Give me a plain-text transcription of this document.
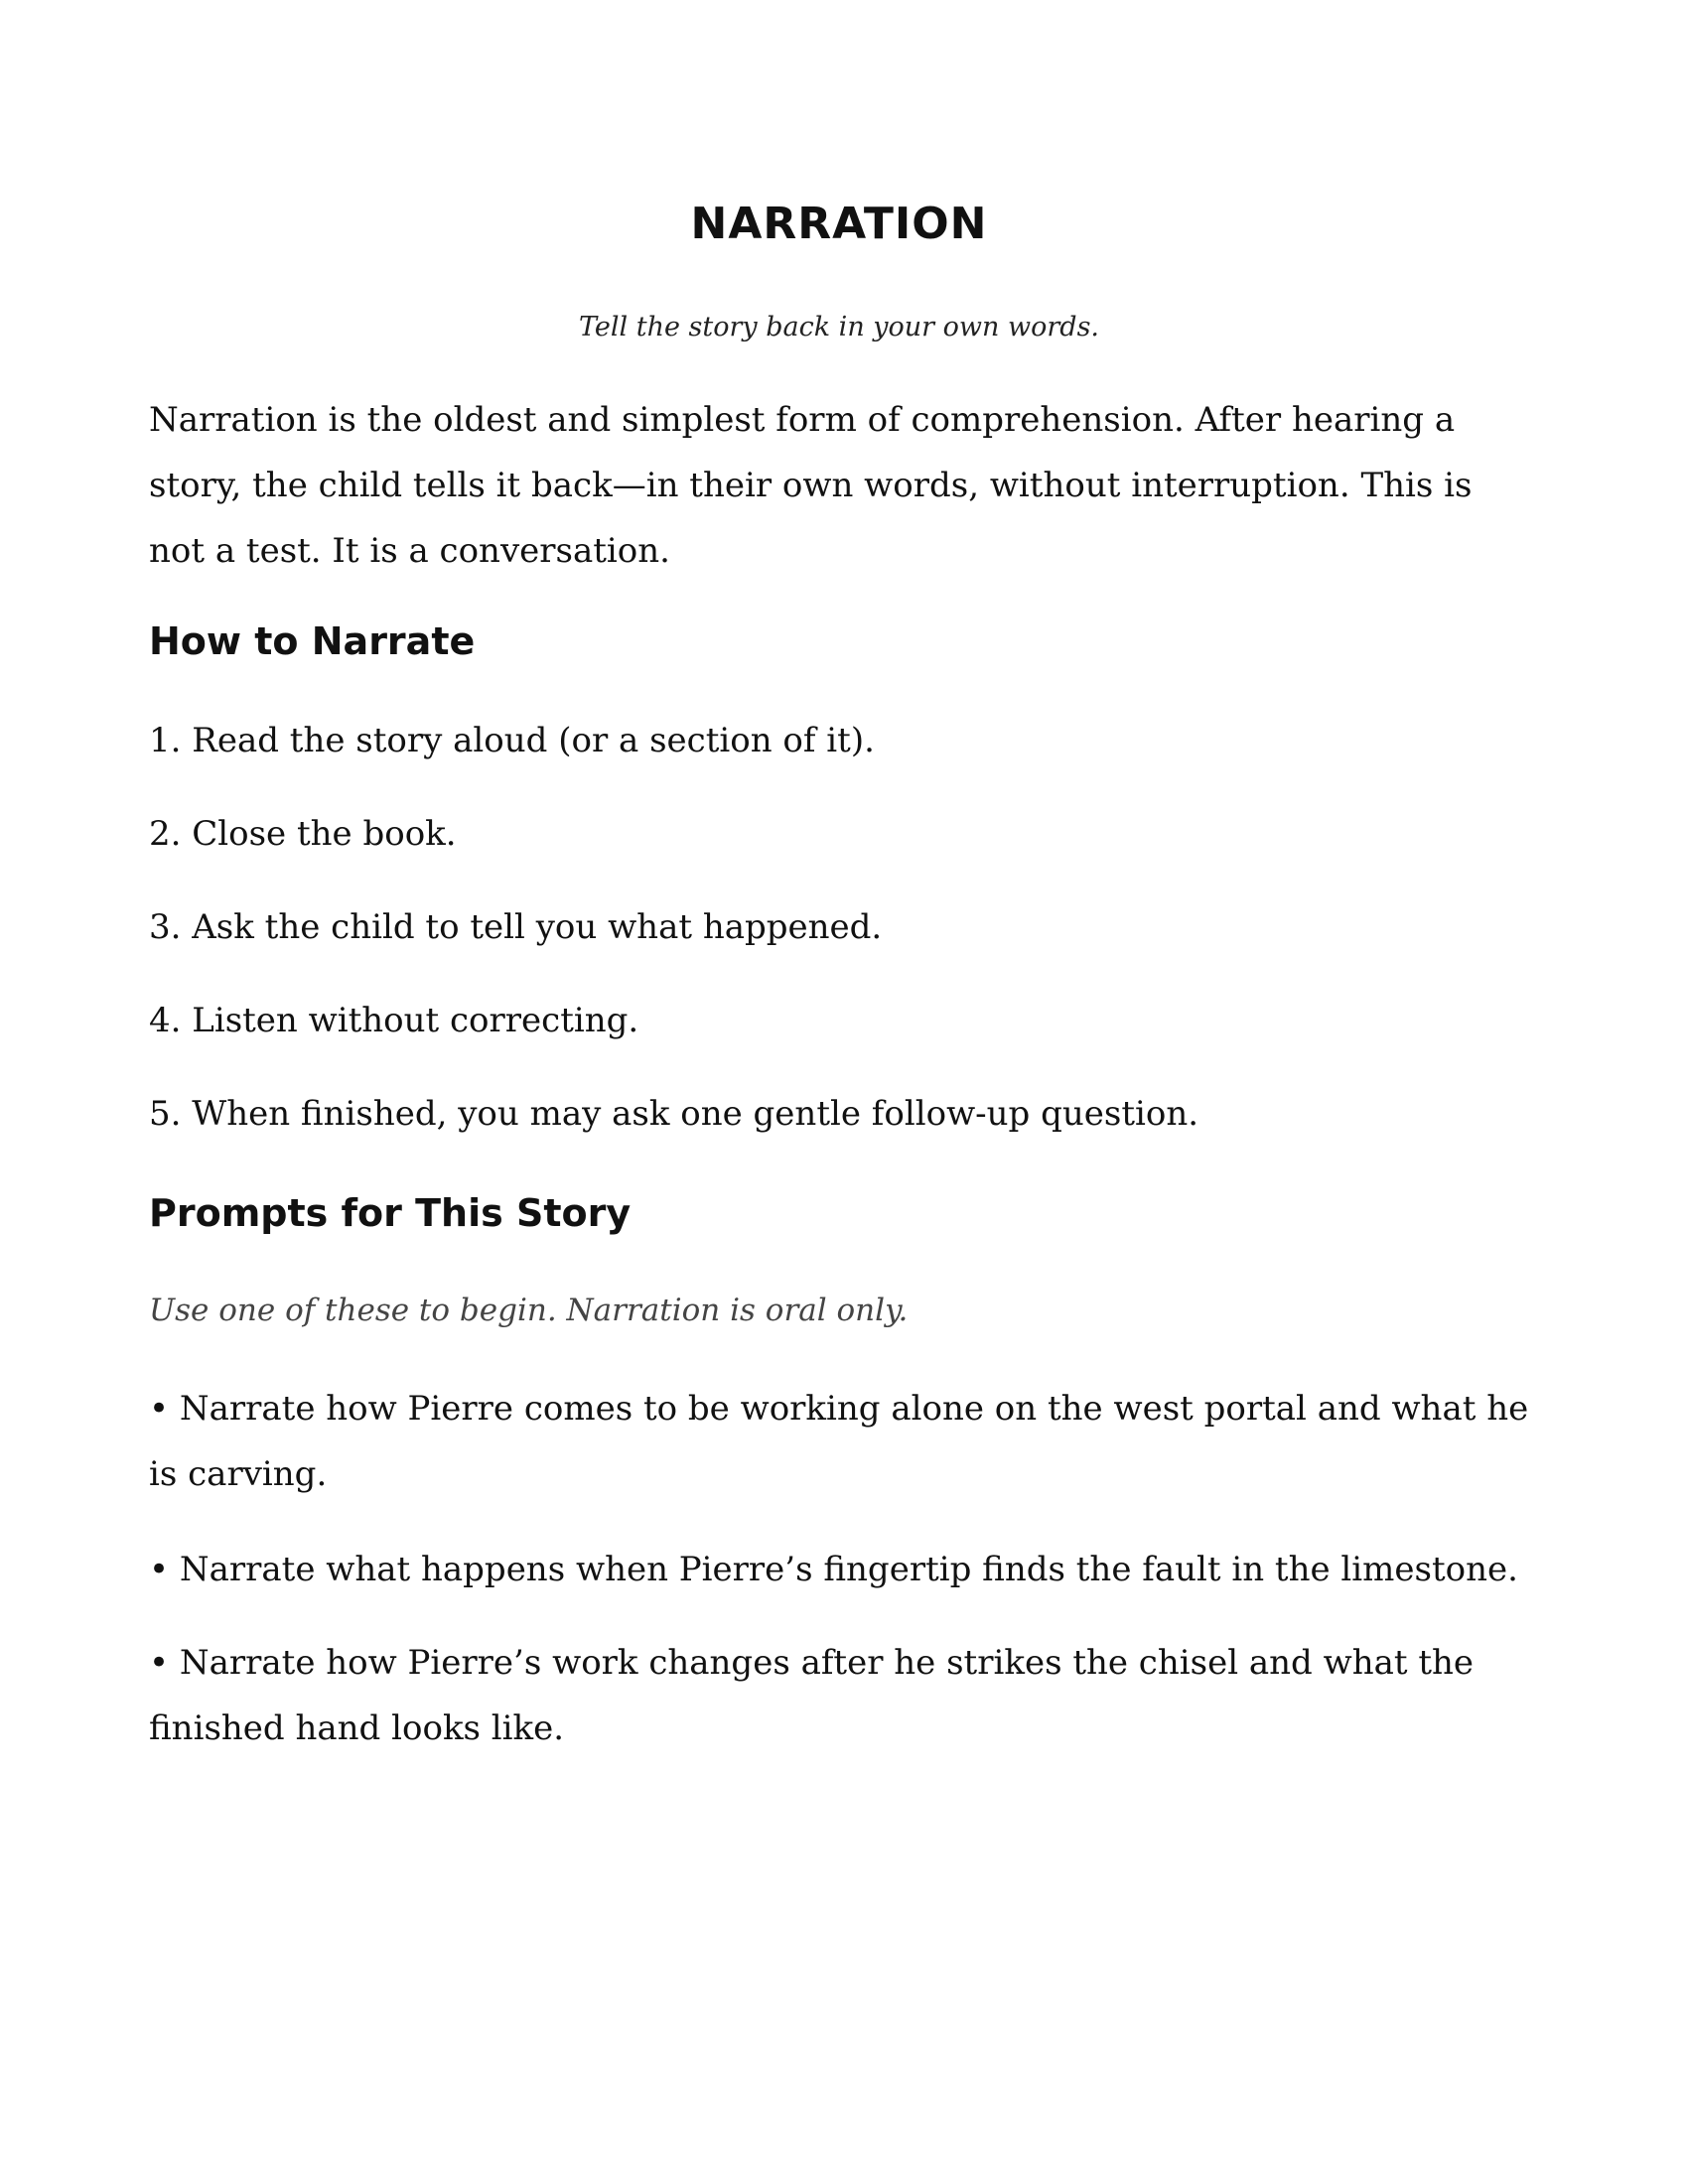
NARRATION

Tell the story back in your own words.

Narration is the oldest and simplest form of comprehension. After hearing a story, the child tells it back—in their own words, without interruption. This is not a test. It is a conversation.

How to Narrate

1. Read the story aloud (or a section of it).

2. Close the book.

3. Ask the child to tell you what happened.

4. Listen without correcting.

5. When finished, you may ask one gentle follow-up question.

Prompts for This Story

Use one of these to begin. Narration is oral only.

• Narrate how Pierre comes to be working alone on the west portal and what he is carving.

• Narrate what happens when Pierre’s fingertip finds the fault in the limestone.

• Narrate how Pierre’s work changes after he strikes the chisel and what the finished hand looks like.
